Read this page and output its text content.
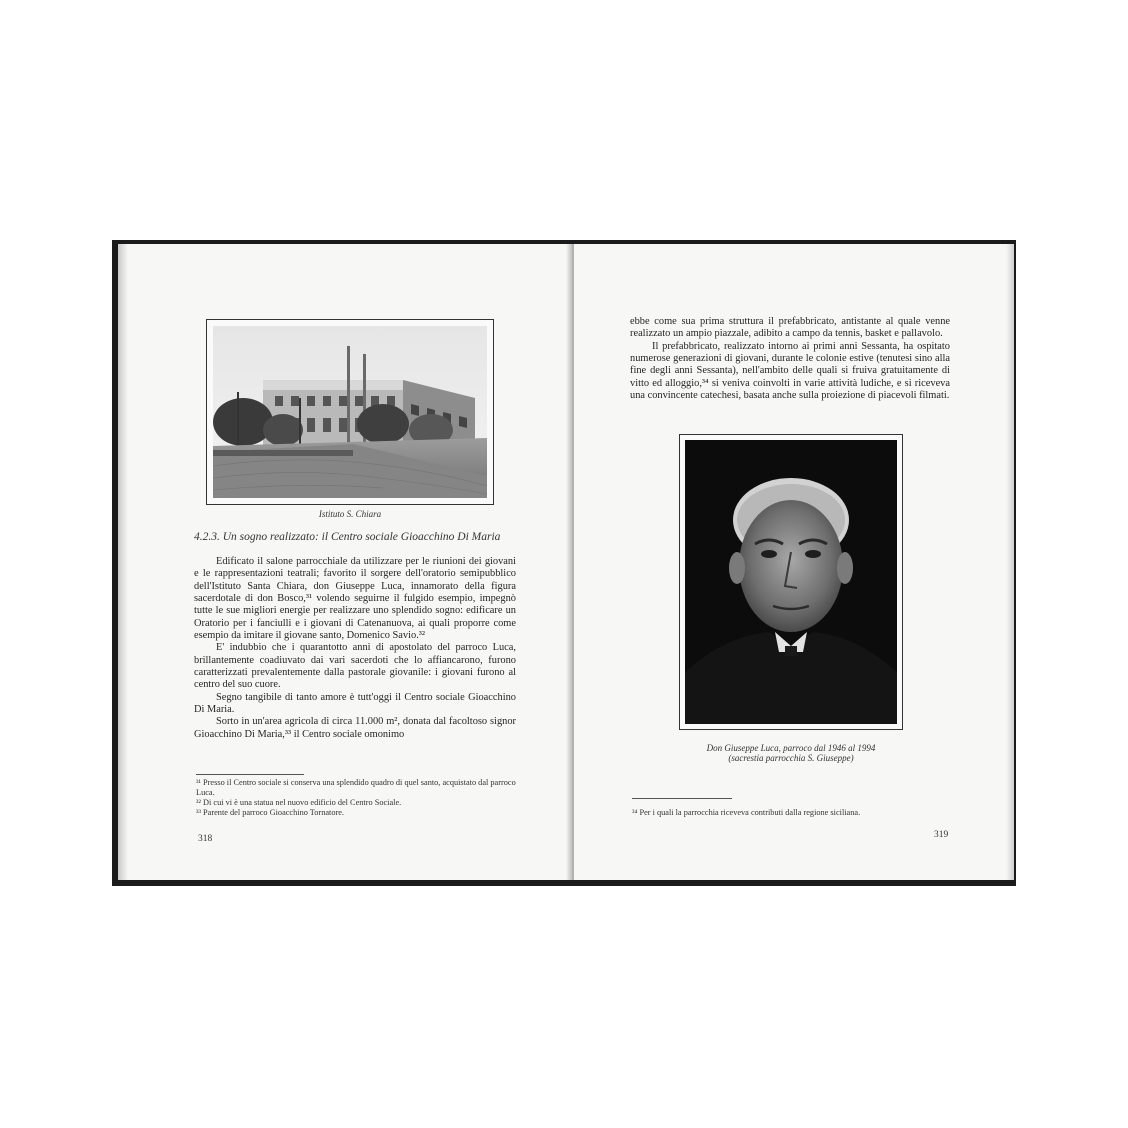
Istituto S. Chiara
4.2.3. Un sogno realizzato: il Centro sociale Gioacchino Di Maria

Edificato il salone parrocchiale da utilizzare per le riunioni dei giovani e le rappresentazioni teatrali; favorito il sorgere dell'oratorio semipubblico dell'Istituto Santa Chiara, don Giuseppe Luca, innamorato della figura sacerdotale di don Bosco,³¹ volendo seguirne il fulgido esempio, impegnò tutte le sue migliori energie per realizzare uno splendido sogno: edificare un Oratorio per i fanciulli e i giovani di Catenanuova, ai quali proporre come esempio da imitare il giovane santo, Domenico Savio.³²

E' indubbio che i quarantotto anni di apostolato del parroco Luca, brillantemente coadiuvato dai vari sacerdoti che lo affiancarono, furono caratterizzati prevalentemente dalla pastorale giovanile: i giovani furono al centro del suo cuore.

Segno tangibile di tanto amore è tutt'oggi il Centro sociale Gioacchino Di Maria.

Sorto in un'area agricola di circa 11.000 m², donata dal facoltoso signor Gioacchino Di Maria,³³ il Centro sociale omonimo

³¹ Presso il Centro sociale si conserva una splendido quadro di quel santo, acquistato dal parroco Luca.

³² Di cui vi è una statua nel nuovo edificio del Centro Sociale.

³³ Parente del parroco Gioacchino Tornatore.

318

ebbe come sua prima struttura il prefabbricato, antistante al quale venne realizzato un ampio piazzale, adibito a campo da tennis, basket e pallavolo.

Il prefabbricato, realizzato intorno ai primi anni Sessanta, ha ospitato numerose generazioni di giovani, durante le colonie estive (tenutesi sino alla fine degli anni Sessanta), nell'ambito delle quali si fruiva gratuitamente di vitto ed alloggio,³⁴ si veniva coinvolti in varie attività ludiche, e si riceveva una convincente catechesi, basata anche sulla proiezione di piacevoli filmati.

Don Giuseppe Luca, parroco dal 1946 al 1994
(sacrestia parrocchia S. Giuseppe)

³⁴ Per i quali la parrocchia riceveva contributi dalla regione siciliana.

319
